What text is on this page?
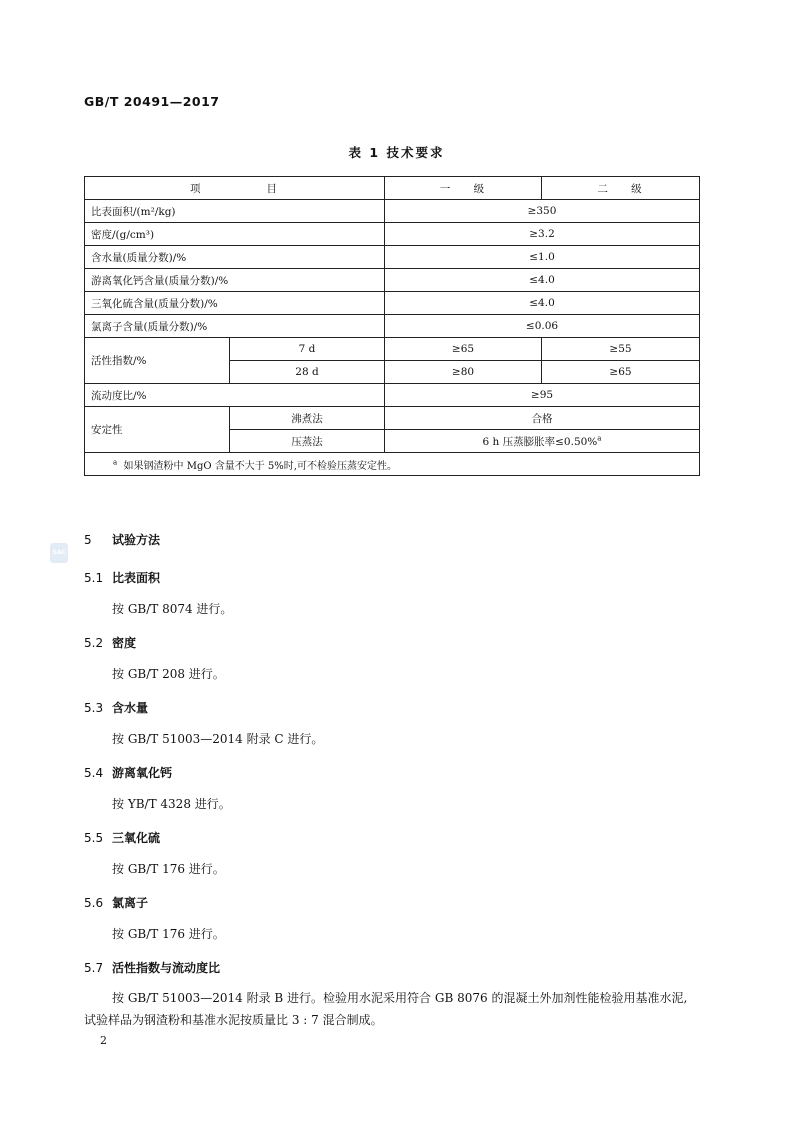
GB/T 20491—2017
表 1 技术要求
项            目		一    级	二    级
比表面积/(m²/kg)		≥350	
密度/(g/cm³)		≥3.2	
含水量(质量分数)/%		≤1.0	
游离氧化钙含量(质量分数)/%		≤4.0	
三氧化硫含量(质量分数)/%		≤4.0	
氯离子含量(质量分数)/%		≤0.06	
活性指数/%	7 d	≥65	≥55
	28 d	≥80	≥65
流动度比/%		≥95	
安定性	沸煮法	合格	
	压蒸法	6 h 压蒸膨胀率≤0.50%$^a$
$^a$ 如果钢渣粉中 MgO 含量不大于 5%时,可不检验压蒸安定性。			
SAC
5 试验方法
5.1 比表面积
按 GB/T 8074 进行。
5.2 密度
按 GB/T 208 进行。
5.3 含水量
按 GB/T 51003—2014 附录 C 进行。
5.4 游离氧化钙
按 YB/T 4328 进行。
5.5 三氧化硫
按 GB/T 176 进行。
5.6 氯离子
按 GB/T 176 进行。
5.7 活性指数与流动度比
按 GB/T 51003—2014 附录 B 进行。检验用水泥采用符合 GB 8076 的混凝土外加剂性能检验用基准水泥,试验样品为钢渣粉和基准水泥按质量比 3 : 7 混合制成。
2
